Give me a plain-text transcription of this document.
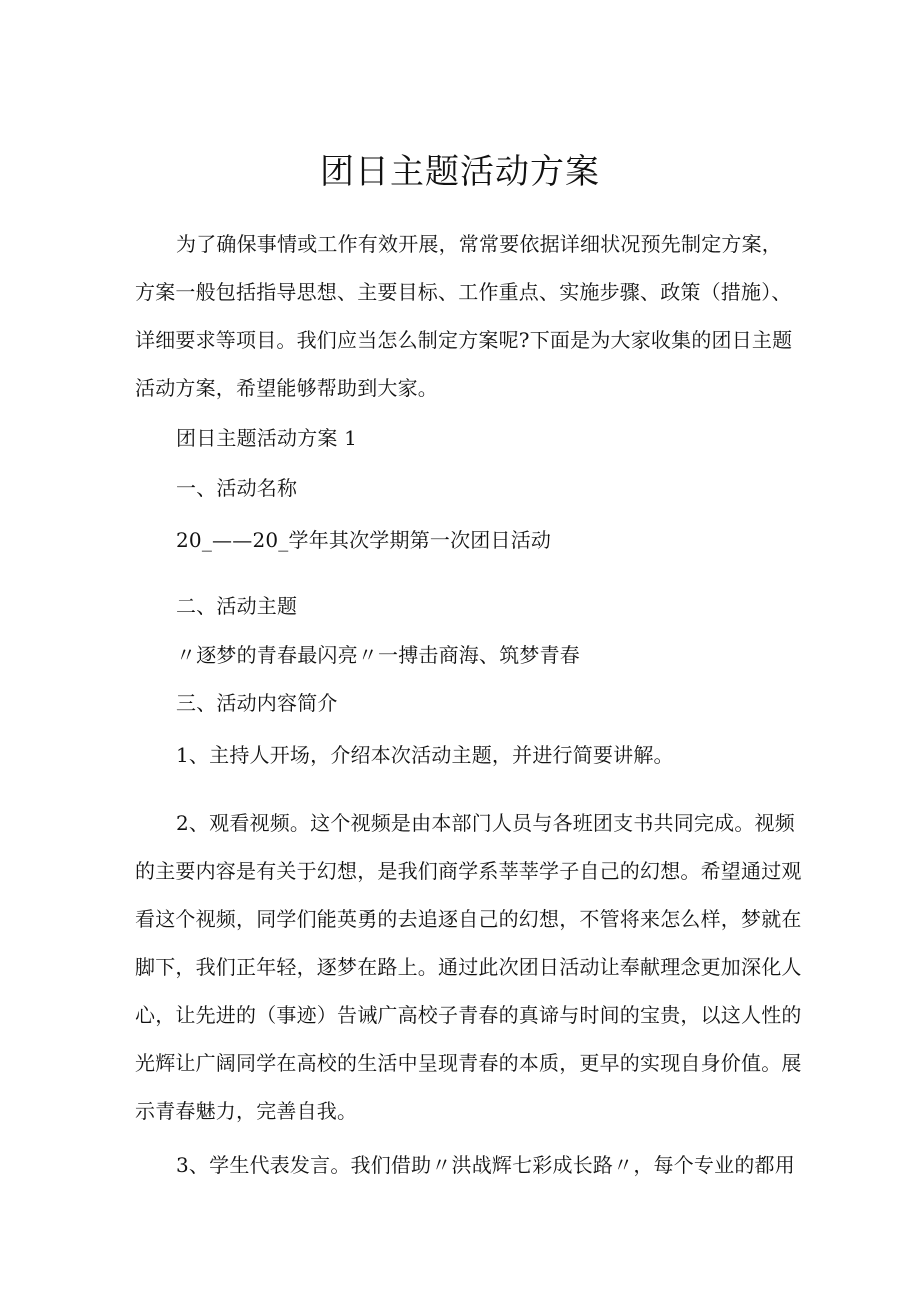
团日主题活动方案
为了确保事情或工作有效开展，常常要依据详细状况预先制定方案，
方案一般包括指导思想、主要目标、工作重点、实施步骤、政策（措施）、
详细要求等项目。我们应当怎么制定方案呢?下面是为大家收集的团日主题
活动方案，希望能够帮助到大家。
团日主题活动方案 1
一、活动名称
20_——20_学年其次学期第一次团日活动
二、活动主题
〃逐梦的青春最闪亮〃一搏击商海、筑梦青春
三、活动内容简介
1、主持人开场，介绍本次活动主题，并进行简要讲解。
2、观看视频。这个视频是由本部门人员与各班团支书共同完成。视频
的主要内容是有关于幻想，是我们商学系莘莘学子自己的幻想。希望通过观
看这个视频，同学们能英勇的去追逐自己的幻想，不管将来怎么样，梦就在
脚下，我们正年轻，逐梦在路上。通过此次团日活动让奉献理念更加深化人
心，让先进的（事迹）告诫广高校子青春的真谛与时间的宝贵，以这人性的
光辉让广阔同学在高校的生活中呈现青春的本质，更早的实现自身价值。展
示青春魅力，完善自我。
3、学生代表发言。我们借助〃洪战辉七彩成长路〃，每个专业的都用
